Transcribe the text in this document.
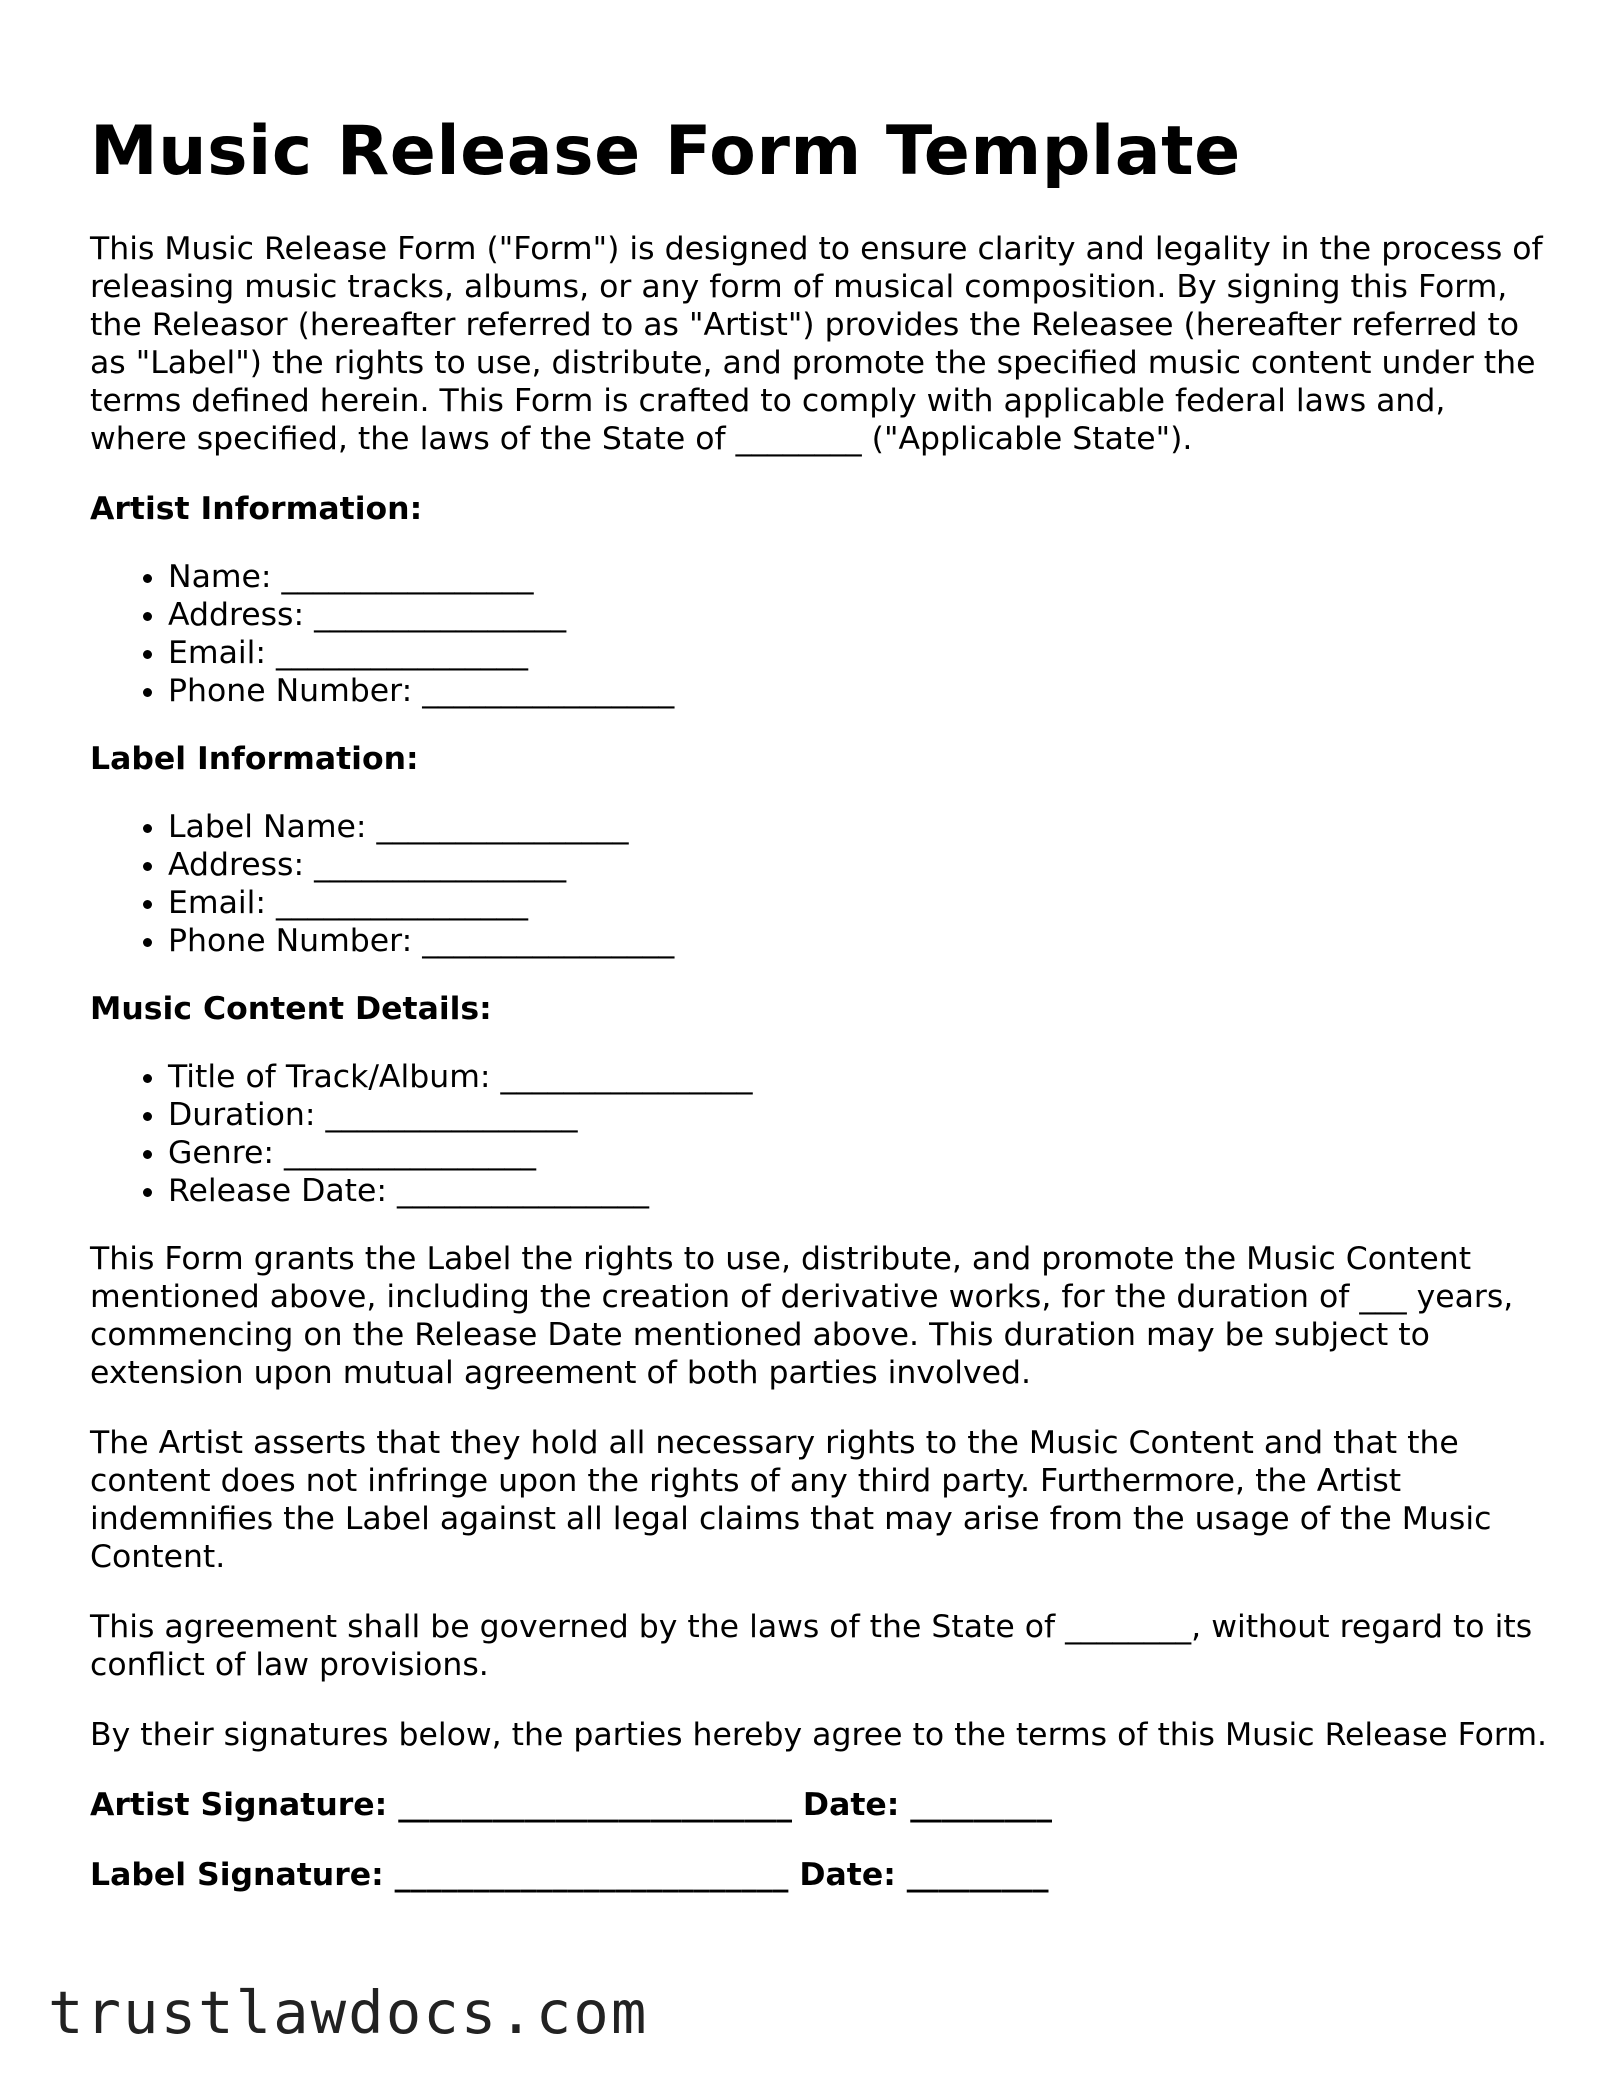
Music Release Form Template

This Music Release Form ("Form") is designed to ensure clarity and legality in the process of releasing music tracks, albums, or any form of musical composition. By signing this Form, the Releasor (hereafter referred to as "Artist") provides the Releasee (hereafter referred to as "Label") the rights to use, distribute, and promote the specified music content under the terms defined herein. This Form is crafted to comply with applicable federal laws and, where specified, the laws of the State of ________ ("Applicable State").

Artist Information:
• Name: ________________
• Address: ________________
• Email: ________________
• Phone Number: ________________
Label Information:
• Label Name: ________________
• Address: ________________
• Email: ________________
• Phone Number: ________________
Music Content Details:
• Title of Track/Album: ________________
• Duration: ________________
• Genre: ________________
• Release Date: ________________

This Form grants the Label the rights to use, distribute, and promote the Music Content mentioned above, including the creation of derivative works, for the duration of ___ years, commencing on the Release Date mentioned above. This duration may be subject to extension upon mutual agreement of both parties involved.

The Artist asserts that they hold all necessary rights to the Music Content and that the content does not infringe upon the rights of any third party. Furthermore, the Artist indemnifies the Label against all legal claims that may arise from the usage of the Music Content.

This agreement shall be governed by the laws of the State of ________, without regard to its conflict of law provisions.

By their signatures below, the parties hereby agree to the terms of this Music Release Form.

Artist Signature: _________________________ Date: _________
Label Signature: _________________________ Date: _________
trustlawdocs.com
